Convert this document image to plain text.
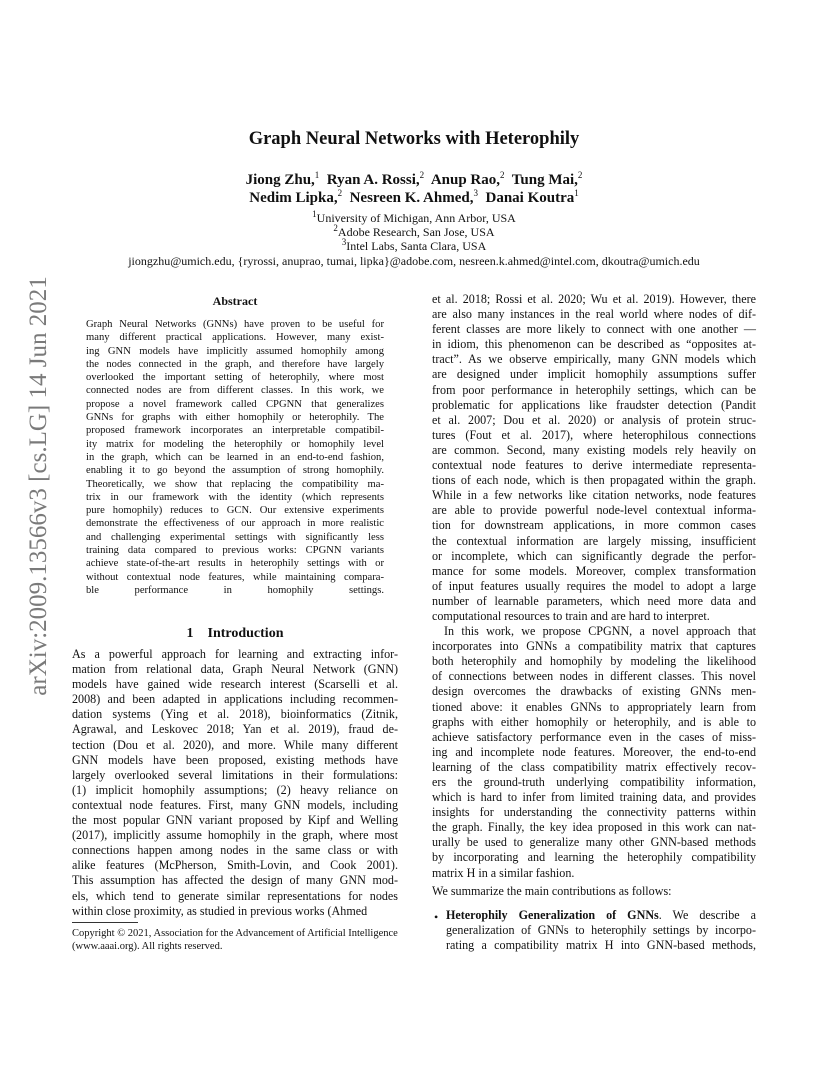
arXiv:2009.13566v3 [cs.LG] 14 Jun 2021
Graph Neural Networks with Heterophily
Jiong Zhu,$^1$ Ryan A. Rossi,$^2$ Anup Rao,$^2$ Tung Mai,$^2$
Nedim Lipka,$^2$ Nesreen K. Ahmed,$^3$ Danai Koutra$^1$
$^1$University of Michigan, Ann Arbor, USA
$^2$Adobe Research, San Jose, USA
$^3$Intel Labs, Santa Clara, USA
jiongzhu@umich.edu, {ryrossi, anuprao, tumai, lipka}@adobe.com, nesreen.k.ahmed@intel.com, dkoutra@umich.edu
Abstract
Graph Neural Networks (GNNs) have proven to be useful for
many different practical applications. However, many exist-
ing GNN models have implicitly assumed homophily among
the nodes connected in the graph, and therefore have largely
overlooked the important setting of heterophily, where most
connected nodes are from different classes. In this work, we
propose a novel framework called CPGNN that generalizes
GNNs for graphs with either homophily or heterophily. The
proposed framework incorporates an interpretable compatibil-
ity matrix for modeling the heterophily or homophily level
in the graph, which can be learned in an end-to-end fashion,
enabling it to go beyond the assumption of strong homophily.
Theoretically, we show that replacing the compatibility ma-
trix in our framework with the identity (which represents
pure homophily) reduces to GCN. Our extensive experiments
demonstrate the effectiveness of our approach in more realistic
and challenging experimental settings with significantly less
training data compared to previous works: CPGNN variants
achieve state-of-the-art results in heterophily settings with or
without contextual node features, while maintaining compara-
ble performance in homophily settings.
1    Introduction
As a powerful approach for learning and extracting infor-
mation from relational data, Graph Neural Network (GNN)
models have gained wide research interest (Scarselli et al.
2008) and been adapted in applications including recommen-
dation systems (Ying et al. 2018), bioinformatics (Zitnik,
Agrawal, and Leskovec 2018; Yan et al. 2019), fraud de-
tection (Dou et al. 2020), and more. While many different
GNN models have been proposed, existing methods have
largely overlooked several limitations in their formulations:
(1) implicit homophily assumptions; (2) heavy reliance on
contextual node features. First, many GNN models, including
the most popular GNN variant proposed by Kipf and Welling
(2017), implicitly assume homophily in the graph, where most
connections happen among nodes in the same class or with
alike features (McPherson, Smith-Lovin, and Cook 2001).
This assumption has affected the design of many GNN mod-
els, which tend to generate similar representations for nodes
within close proximity, as studied in previous works (Ahmed
Copyright © 2021, Association for the Advancement of Artificial Intelligence (www.aaai.org). All rights reserved.
et al. 2018; Rossi et al. 2020; Wu et al. 2019). However, there
are also many instances in the real world where nodes of dif-
ferent classes are more likely to connect with one another —
in idiom, this phenomenon can be described as “opposites at-
tract”. As we observe empirically, many GNN models which
are designed under implicit homophily assumptions suffer
from poor performance in heterophily settings, which can be
problematic for applications like fraudster detection (Pandit
et al. 2007; Dou et al. 2020) or analysis of protein struc-
tures (Fout et al. 2017), where heterophilous connections
are common. Second, many existing models rely heavily on
contextual node features to derive intermediate representa-
tions of each node, which is then propagated within the graph.
While in a few networks like citation networks, node features
are able to provide powerful node-level contextual informa-
tion for downstream applications, in more common cases
the contextual information are largely missing, insufficient
or incomplete, which can significantly degrade the perfor-
mance for some models. Moreover, complex transformation
of input features usually requires the model to adopt a large
number of learnable parameters, which need more data and
computational resources to train and are hard to interpret.
In this work, we propose CPGNN, a novel approach that
incorporates into GNNs a compatibility matrix that captures
both heterophily and homophily by modeling the likelihood
of connections between nodes in different classes. This novel
design overcomes the drawbacks of existing GNNs men-
tioned above: it enables GNNs to appropriately learn from
graphs with either homophily or heterophily, and is able to
achieve satisfactory performance even in the cases of miss-
ing and incomplete node features. Moreover, the end-to-end
learning of the class compatibility matrix effectively recov-
ers the ground-truth underlying compatibility information,
which is hard to infer from limited training data, and provides
insights for understanding the connectivity patterns within
the graph. Finally, the key idea proposed in this work can nat-
urally be used to generalize many other GNN-based methods
by incorporating and learning the heterophily compatibility
matrix H in a similar fashion.
We summarize the main contributions as follows:
• Heterophily Generalization of GNNs. We describe a
generalization of GNNs to heterophily settings by incorpo-
rating a compatibility matrix H into GNN-based methods,
